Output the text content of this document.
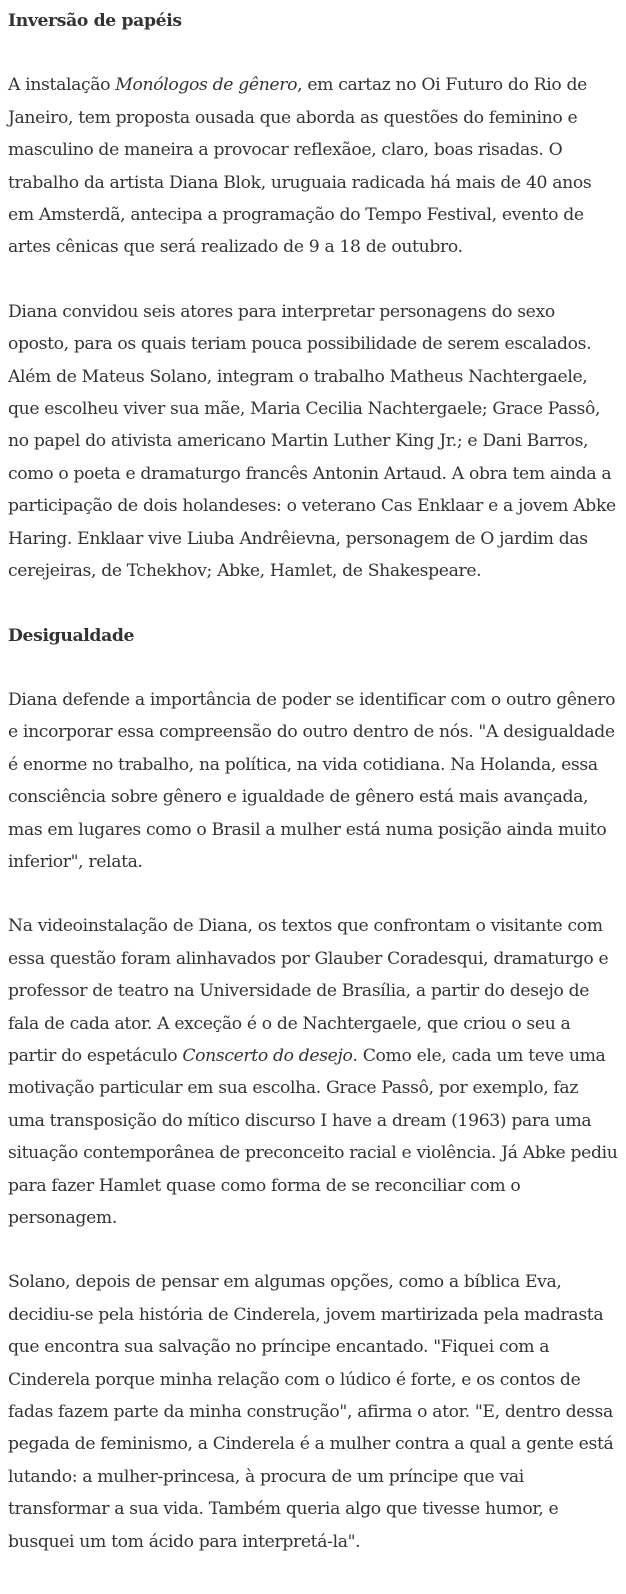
Inversão de papéis

A instalação Monólogos de gênero, em cartaz no Oi Futuro do Rio de Janeiro, tem proposta ousada que aborda as questões do feminino e masculino de maneira a provocar reflexãoe, claro, boas risadas. O trabalho da artista Diana Blok, uruguaia radicada há mais de 40 anos em Amsterdã, antecipa a programação do Tempo Festival, evento de artes cênicas que será realizado de 9 a 18 de outubro.

Diana convidou seis atores para interpretar personagens do sexo oposto, para os quais teriam pouca possibilidade de serem escalados. Além de Mateus Solano, integram o trabalho Matheus Nachtergaele, que escolheu viver sua mãe, Maria Cecilia Nachtergaele; Grace Passô, no papel do ativista americano Martin Luther King Jr.; e Dani Barros, como o poeta e dramaturgo francês Antonin Artaud. A obra tem ainda a participação de dois holandeses: o veterano Cas Enklaar e a jovem Abke Haring. Enklaar vive Liuba Andrêievna, personagem de O jardim das cerejeiras, de Tchekhov; Abke, Hamlet, de Shakespeare.

Desigualdade

Diana defende a importância de poder se identificar com o outro gênero e incorporar essa compreensão do outro dentro de nós. "A desigualdade é enorme no trabalho, na política, na vida cotidiana. Na Holanda, essa consciência sobre gênero e igualdade de gênero está mais avançada, mas em lugares como o Brasil a mulher está numa posição ainda muito inferior", relata.

Na videoinstalação de Diana, os textos que confrontam o visitante com essa questão foram alinhavados por Glauber Coradesqui, dramaturgo e professor de teatro na Universidade de Brasília, a partir do desejo de fala de cada ator. A exceção é o de Nachtergaele, que criou o seu a partir do espetáculo Conscerto do desejo. Como ele, cada um teve uma motivação particular em sua escolha. Grace Passô, por exemplo, faz uma transposição do mítico discurso I have a dream (1963) para uma situação contemporânea de preconceito racial e violência. Já Abke pediu para fazer Hamlet quase como forma de se reconciliar com o personagem.

Solano, depois de pensar em algumas opções, como a bíblica Eva, decidiu-se pela história de Cinderela, jovem martirizada pela madrasta que encontra sua salvação no príncipe encantado. "Fiquei com a Cinderela porque minha relação com o lúdico é forte, e os contos de fadas fazem parte da minha construção", afirma o ator. "E, dentro dessa pegada de feminismo, a Cinderela é a mulher contra a qual a gente está lutando: a mulher-princesa, à procura de um príncipe que vai transformar a sua vida. Também queria algo que tivesse humor, e busquei um tom ácido para interpretá-la".
